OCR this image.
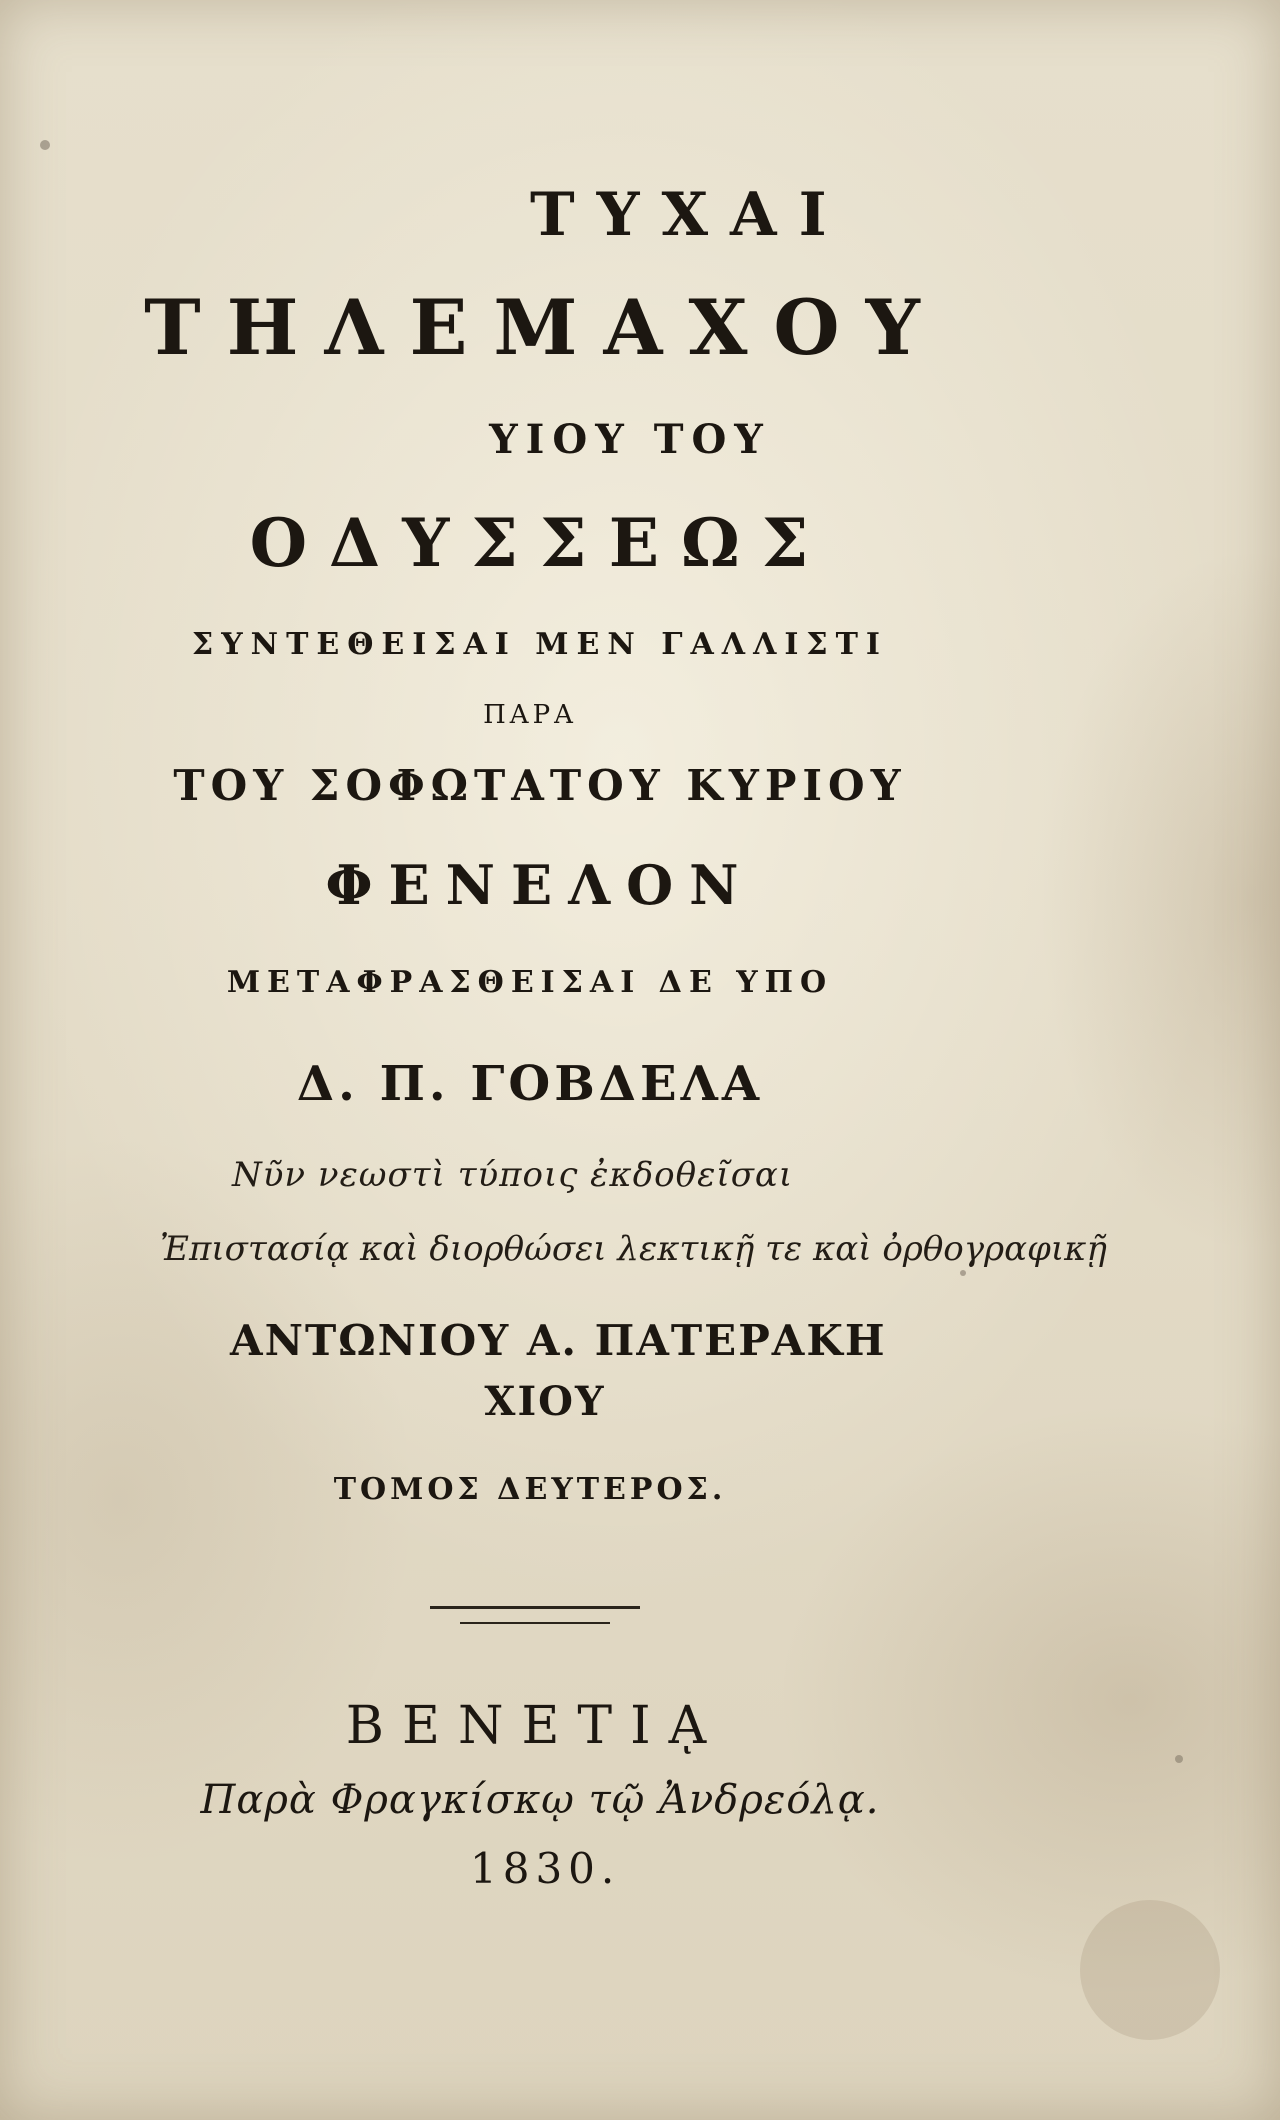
ΤΥΧΑΙ

ΤΗΛΕΜΑΧΟΥ

ΥΙΟΥ ΤΟΥ

ΟΔΥΣΣΕΩΣ

ΣΥΝΤΕΘΕΙΣΑΙ ΜΕΝ ΓΑΛΛΙΣΤΙ

ΠΑΡΑ

ΤΟΥ ΣΟΦΩΤΑΤΟΥ ΚΥΡΙΟΥ

ΦΕΝΕΛΟΝ

ΜΕΤΑΦΡΑΣΘΕΙΣΑΙ ΔΕ ΥΠΟ

Δ. Π. ΓΟΒΔΕΛΑ

Νῦν νεωστὶ τύποις ἐκδοθεῖσαι

Ἐπιστασίᾳ καὶ διορθώσει λεκτικῇ τε καὶ ὀρθογραφικῇ

ΑΝΤΩΝΙΟΥ Α. ΠΑΤΕΡΑΚΗ

ΧΙΟΥ

ΤΟΜΟΣ ΔΕΥΤΕΡΟΣ.

ΒΕΝΕΤΙᾼ

Παρὰ Φραγκίσκῳ τῷ Ἀνδρεόλᾳ.

1830.
